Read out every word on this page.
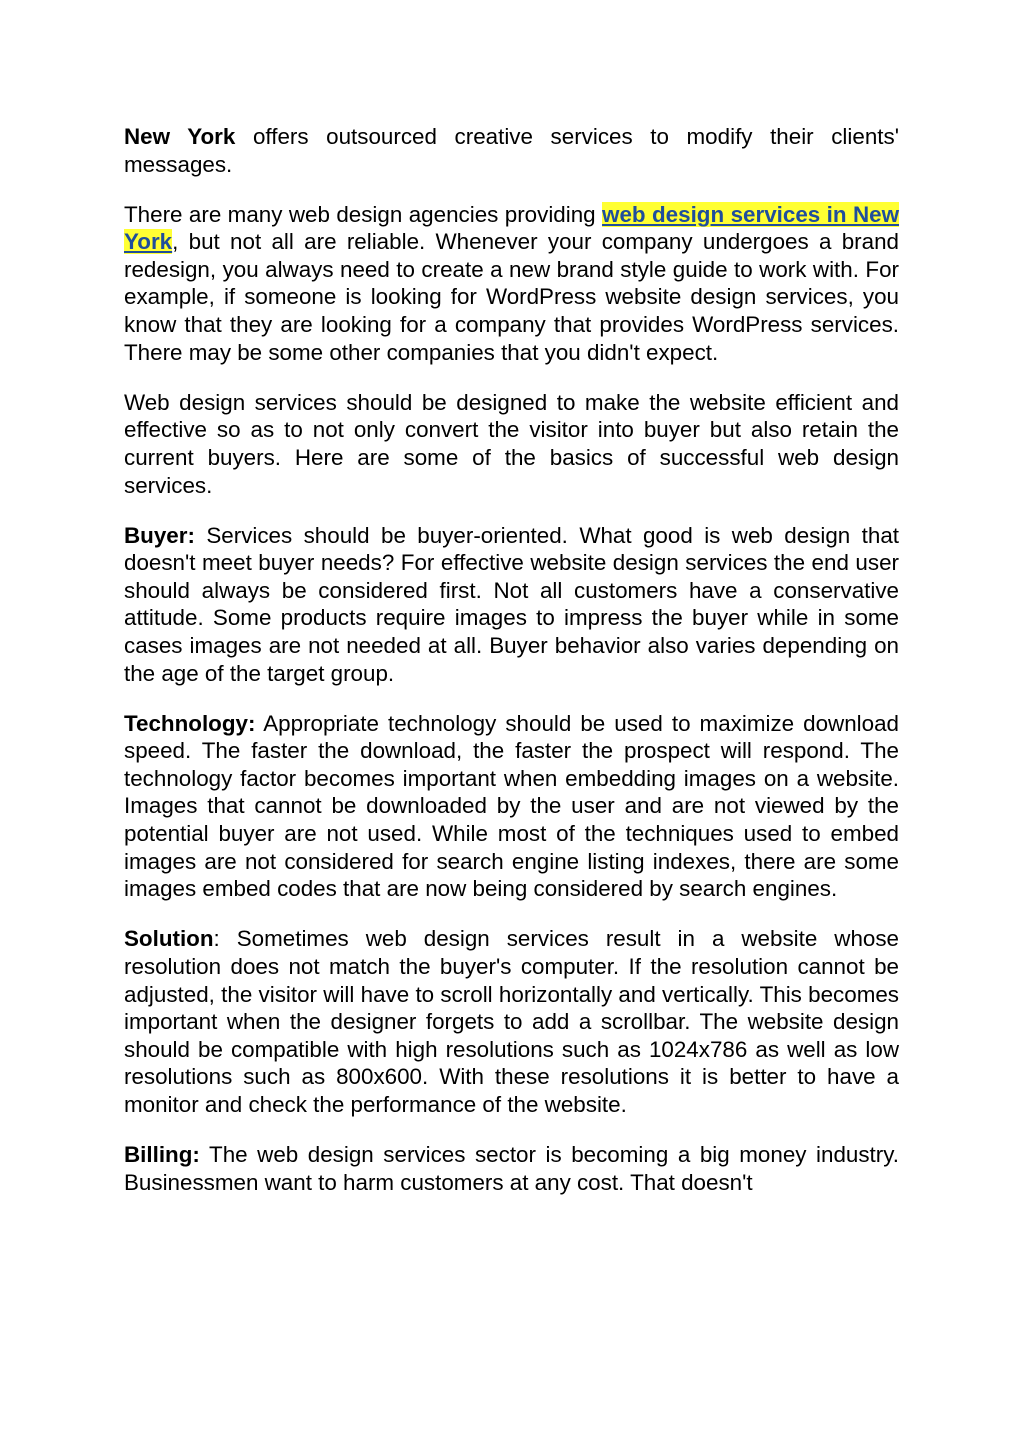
New York offers outsourced creative services to modify their clients' messages.

There are many web design agencies providing web design services in New York, but not all are reliable. Whenever your company undergoes a brand redesign, you always need to create a new brand style guide to work with. For example, if someone is looking for WordPress website design services, you know that they are looking for a company that provides WordPress services. There may be some other companies that you didn't expect.

Web design services should be designed to make the website efficient and effective so as to not only convert the visitor into buyer but also retain the current buyers. Here are some of the basics of successful web design services.

Buyer: Services should be buyer-oriented. What good is web design that doesn't meet buyer needs? For effective website design services the end user should always be considered first. Not all customers have a conservative attitude. Some products require images to impress the buyer while in some cases images are not needed at all. Buyer behavior also varies depending on the age of the target group.

Technology: Appropriate technology should be used to maximize download speed. The faster the download, the faster the prospect will respond. The technology factor becomes important when embedding images on a website. Images that cannot be downloaded by the user and are not viewed by the potential buyer are not used. While most of the techniques used to embed images are not considered for search engine listing indexes, there are some images embed codes that are now being considered by search engines.

Solution: Sometimes web design services result in a website whose resolution does not match the buyer's computer. If the resolution cannot be adjusted, the visitor will have to scroll horizontally and vertically. This becomes important when the designer forgets to add a scrollbar. The website design should be compatible with high resolutions such as 1024x786 as well as low resolutions such as 800x600. With these resolutions it is better to have a monitor and check the performance of the website.

Billing: The web design services sector is becoming a big money industry. Businessmen want to harm customers at any cost. That doesn't
